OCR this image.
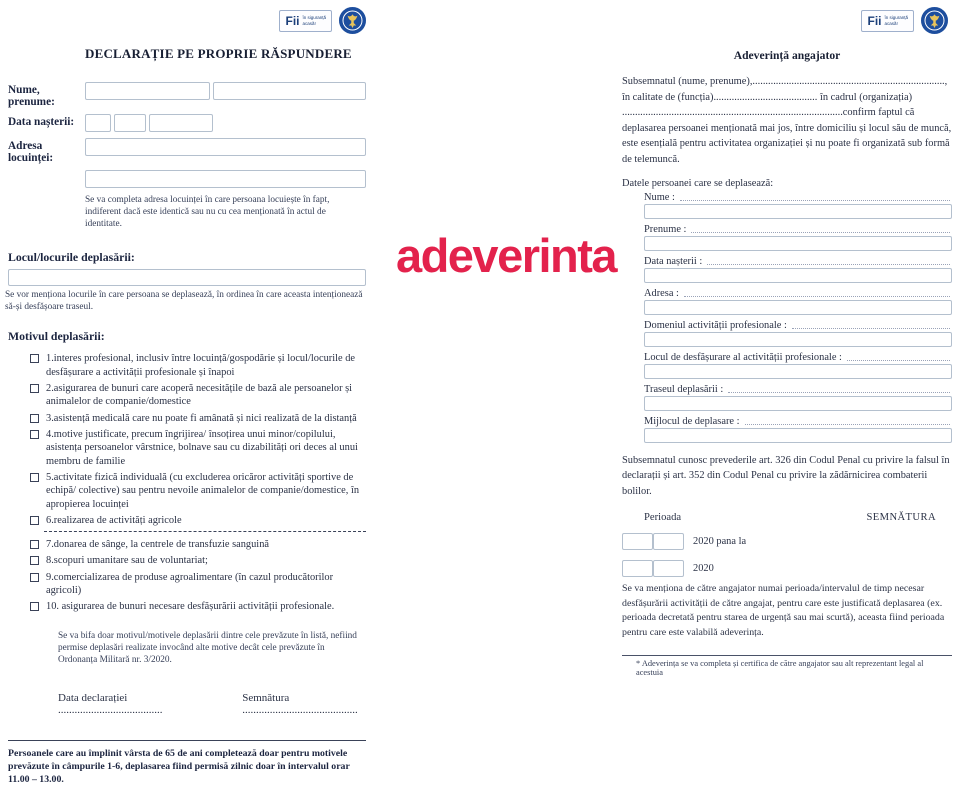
Fii în siguranță
acasă!
DECLARAȚIE PE PROPRIE RĂSPUNDERE
Nume, prenume:
Data nașterii:
Adresa locuinței:
Se va completa adresa locuinței în care persoana locuiește în fapt, indiferent dacă este identică sau nu cu cea menționată în actul de identitate.
Locul/locurile deplasării:
Se vor menționa locurile în care persoana se deplasează, în ordinea în care aceasta intenționează să-și desfășoare traseul.
Motivul deplasării:
1.interes profesional, inclusiv între locuință/gospodărie și locul/locurile de desfășurare a activității profesionale și înapoi
2.asigurarea de bunuri care acoperă necesitățile de bază ale persoanelor și animalelor de companie/domestice
3.asistență medicală care nu poate fi amânată și nici realizată de la distanță
4.motive justificate, precum îngrijirea/ însoțirea unui minor/copilului, asistența persoanelor vârstnice, bolnave sau cu dizabilități ori deces al unui membru de familie
5.activitate fizică individuală (cu excluderea oricăror activități sportive de echipă/ colective) sau pentru nevoile animalelor de companie/domestice, în apropierea locuinței
6.realizarea de activități agricole
7.donarea de sânge, la centrele de transfuzie sanguină
8.scopuri umanitare sau de voluntariat;
9.comercializarea de produse agroalimentare (în cazul producătorilor agricoli)
10. asigurarea de bunuri necesare desfășurării activității profesionale.
Se va bifa doar motivul/motivele deplasării dintre cele prevăzute în listă, nefiind permise deplasări realizate invocând alte motive decât cele prevăzute în Ordonanța Militară nr. 3/2020.
Data declarației ......................................
Semnătura ..........................................
Persoanele care au împlinit vârsta de 65 de ani completează doar pentru motivele prevăzute în câmpurile 1-6, deplasarea fiind permisă zilnic doar în intervalul orar 11.00 – 13.00.
adeverinta
Fii în siguranță
acasă!
Adeverință angajator
Subsemnatul (nume, prenume),.........................................................................., în calitate de (funcția)........................................ în cadrul (organizația) .....................................................................................confirm faptul că deplasarea persoanei menționată mai jos, între domiciliu și locul său de muncă, este esențială pentru activitatea organizației și nu poate fi organizată sub formă de telemuncă.
Datele persoanei care se deplasează:
Nume :
Prenume :
Data nașterii :
Adresa :
Domeniul activității profesionale :
Locul de desfășurare al activității profesionale :
Traseul deplasării :
Mijlocul de deplasare :
Subsemnatul cunosc prevederile art. 326 din Codul Penal cu privire la falsul în declarații și art. 352 din Codul Penal cu privire la zădărnicirea combaterii bolilor.
Perioada	SEMNĂTURA
2020 pana la
2020
Se va menționa de către angajator numai perioada/intervalul de timp necesar desfășurării activității de către angajat, pentru care este justificată deplasarea (ex. perioada decretată pentru starea de urgență sau mai scurtă), aceasta fiind perioada pentru care este valabilă adeverința.
* Adeverința se va completa și certifica de către angajator sau alt reprezentant legal al acestuia
